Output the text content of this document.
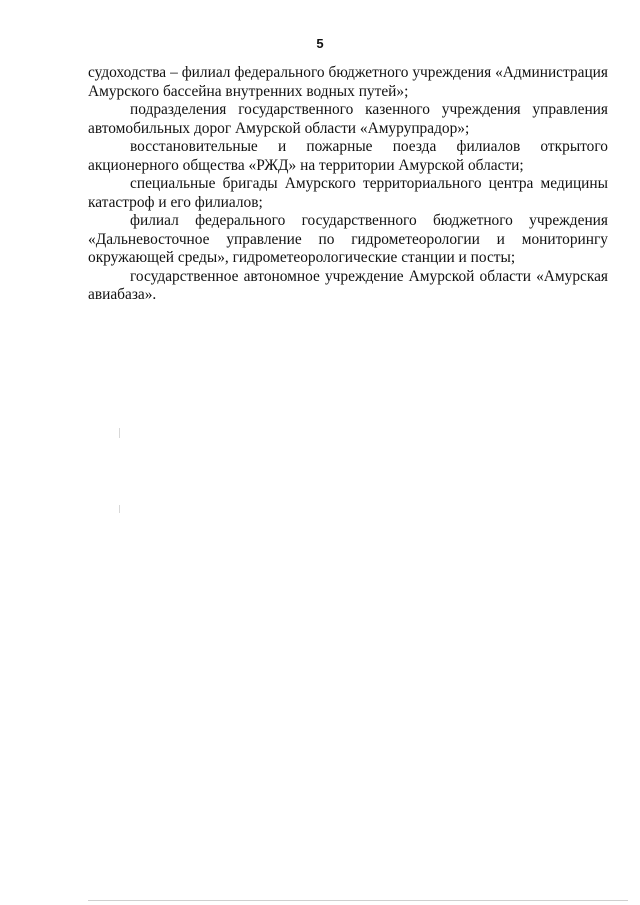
5

судоходства – филиал федерального бюджетного учреждения «Администрация Амурского бассейна внутренних водных путей»;

подразделения государственного казенного учреждения управления автомобильных дорог Амурской области «Амурупрадор»;

восстановительные и пожарные поезда филиалов открытого акционерного общества «РЖД» на территории Амурской области;

специальные бригады Амурского территориального центра медицины катастроф и его филиалов;

филиал федерального государственного бюджетного учреждения «Дальневосточное управление по гидрометеорологии и мониторингу окружающей среды», гидрометеорологические станции и посты;

государственное автономное учреждение Амурской области «Амурская авиабаза».
